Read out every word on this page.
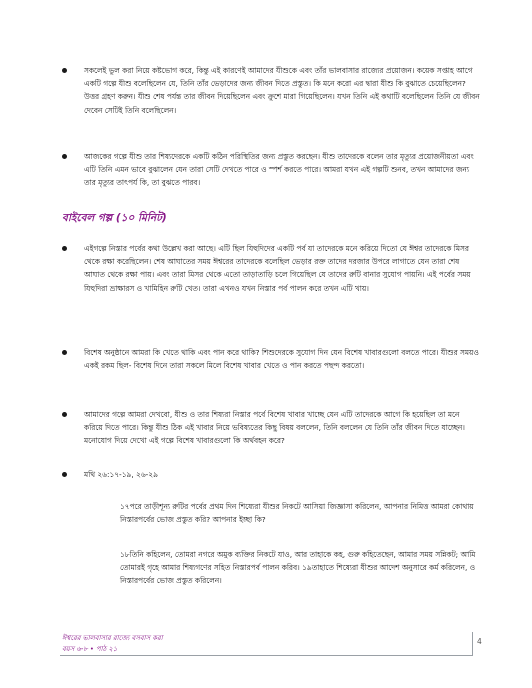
সকলেই ভুল করা নিয়ে কষ্টভোগ করে, কিন্তু এই কারণেই আমাদের যীশুকে এবং তাঁর ভালবাসার রাজ্যের প্রয়োজন। কয়েক সপ্তাহ আগে একটি গল্পে যীশু বলেছিলেন যে, তিনি তাঁর ভেড়াদের জন্য জীবন দিতে প্রস্তুত। কি মনে করো এর দ্বারা যীশু কি বুঝাতে চেয়েছিলেন? উত্তর গ্রহণ করুন। যীশু শেষ পর্যন্ত তার জীবন দিয়েছিলেন এবং ক্রুশে মারা গিয়েছিলেন। যখন তিনি এই কথাটি বলেছিলেন তিনি যে জীবন দেবেন সেটিই তিনি বলেছিলেন।
আজকের গল্পে যীশু তার শিষ্যদেরকে একটি কঠিন পরিস্থিতির জন্য প্রস্তুত করছেন। যীশু তাদেরকে বলেন তার মৃত্যুর প্রয়োজনীয়তা এবং এটি তিনি এমন ভাবে বুঝালেন যেন তারা সেটি দেখতে পারে ও স্পর্শ করতে পারে। আমরা যখন এই গল্পটি শুনব, তখন আমাদের জন্য তার মৃত্যুর তাৎপর্য কি, তা বুঝতে পারব।
বাইবেল গল্প (১০ মিনিট)
এইগল্পে নিস্তার পর্বের কথা উল্লেখ করা আছে। এটি ছিল যিহুদিদের একটি পর্ব যা তাদেরকে মনে করিয়ে দিতো যে ঈশ্বর তাদেরকে মিসর থেকে রক্ষা করেছিলেন। শেষ আঘাতের সময় ঈশ্বরের তাদেরকে বলেছিল ভেড়ার রক্ত তাদের দরজার উপরে লাগাতে যেন তারা শেষ আঘাত থেকে রক্ষা পায়। এবং তারা মিসর থেকে এতো তাড়াতাড়ি চলে গিয়েছিল যে তাদের রুটি বানার সুযোগ পায়নি। এই পর্বের সময় যিহুদিরা ভ্রাক্ষারস ও খামিহিন রুটি খেত। তারা এখনও যখন নিস্তার পর্ব পালন করে তখন এটি খায়।
বিশেষ অনুষ্ঠানে আমরা কি খেতে থাকি এবং পান করে থাকি? শিশুদেরকে সুযোগ দিন যেন বিশেষ খাবারগুলো বলতে পারে। যীশুর সময়ও একই রকম ছিল- বিশেষ দিনে তারা সকলে মিলে বিশেষ খাবার খেতে ও পান করতে পছন্দ করতো।
আমাদের গল্পে আমরা দেখবো, যীশু ও তার শিষ্যরা নিস্তার পর্বে বিশেষ খাবার খাচ্ছে যেন এটি তাদেরকে আগে কি হয়েছিল তা মনে করিয়ে দিতে পারে। কিন্তু যীশু ঠিক এই খাবার নিয়ে ভবিষ্যতের কিছু বিষয় বললেন, তিনি বললেন যে তিনি তাঁর জীবন দিতে যাচ্ছেন। মনোযোগ দিয়ে দেখো এই গল্পে বিশেষ খাবারগুলো কি অর্থবহন করে?
মথি ২৬:১৭-১৯, ২৬-২৯
১৭পরে তাড়ীশূন্য রুটির পর্বের প্রথম দিন শিষ্যেরা যীশুর নিকটে আসিয়া জিজ্ঞাসা করিলেন, আপনার নিমিত্ত আমরা কোথায় নিস্তারপর্বের ভোজ প্রস্তুত করি? আপনার ইচ্ছা কি?
১৮তিনি কহিলেন, তোমরা নগরে অমুক ব্যক্তির নিকটে যাও, আর তাহাকে কহ, গুরু কহিতেছেন, আমার সময় সন্নিকট; আমি তোমারই গৃহে আমার শিষ্যগণের সহিত নিস্তারপর্ব পালন করিব। ১৯তাহাতে শিষ্যেরা যীশুর আদেশ অনুসারে কর্ম করিলেন, ও নিস্তারপর্বের ভোজ প্রস্তুত করিলেন।
ঈশ্বরের ভালবাসার রাজ্যে বসবাস করা
বয়স ৬-৮ • পাঠ ২১
4
